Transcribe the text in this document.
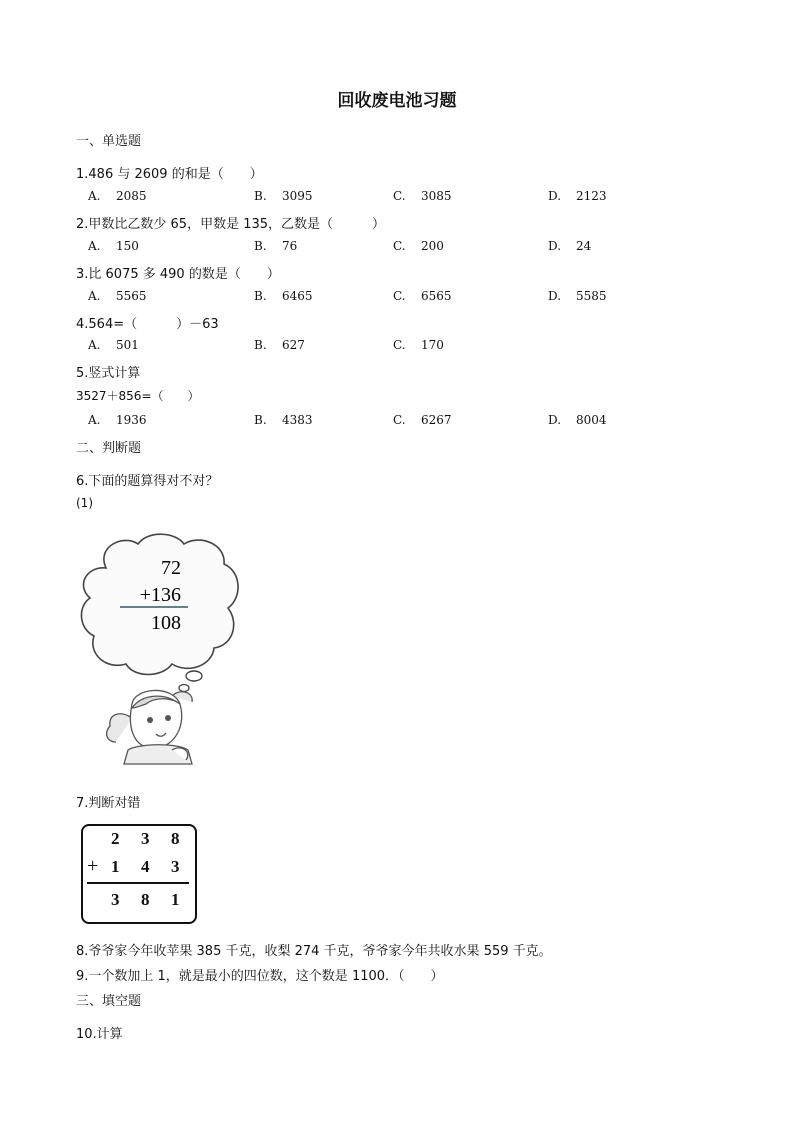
回收废电池习题
一、单选题
1.486 与 2609 的和是（　　）
A. 2085	B. 3095	C. 3085	D. 2123
2.甲数比乙数少 65，甲数是 135，乙数是（　　　）
A. 150	B. 76	C. 200	D. 24
3.比 6075 多 490 的数是（　　）
A. 5565	B. 6465	C. 6565	D. 5585
4.564=（　　　）－63
A. 501	B. 627	C. 170
5.竖式计算
3527＋856=（　　）
A. 1936	B. 4383	C. 6267	D. 8004
二、判断题
6.下面的题算得对不对？
(1)
72
+136
108
7.判断对错
2 3 8
+ 1 4 3
3 8 1
8.爷爷家今年收苹果 385 千克，收梨 274 千克，爷爷家今年共收水果 559 千克。
9.一个数加上 1，就是最小的四位数，这个数是 1100．（　　）
三、填空题
10.计算
